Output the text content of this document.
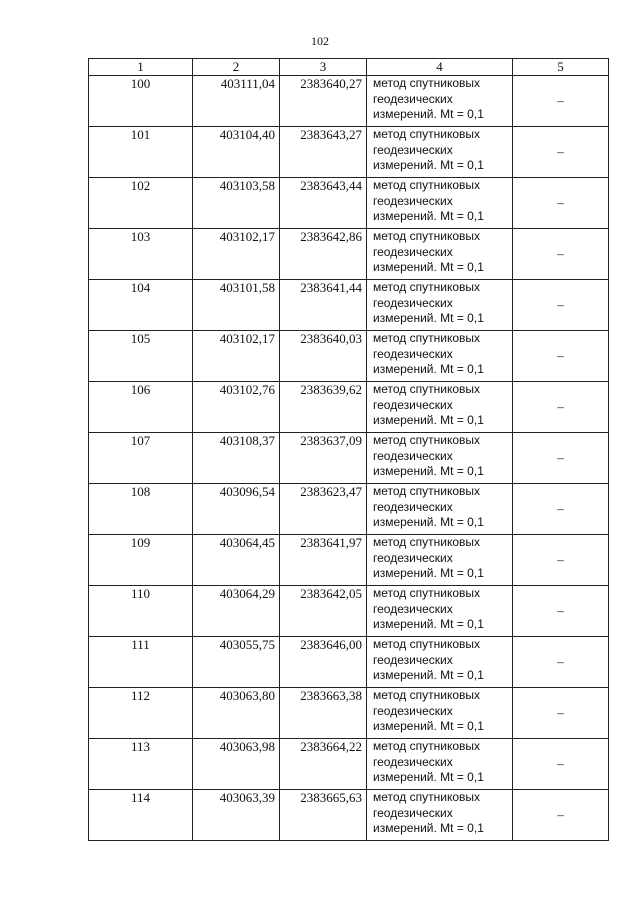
102
1	2	3	4	5
100	403111,04	2383640,27	метод спутниковых
геодезических
измерений. Mt = 0,1	–
101	403104,40	2383643,27	метод спутниковых
геодезических
измерений. Mt = 0,1	–
102	403103,58	2383643,44	метод спутниковых
геодезических
измерений. Mt = 0,1	–
103	403102,17	2383642,86	метод спутниковых
геодезических
измерений. Mt = 0,1	–
104	403101,58	2383641,44	метод спутниковых
геодезических
измерений. Mt = 0,1	–
105	403102,17	2383640,03	метод спутниковых
геодезических
измерений. Mt = 0,1	–
106	403102,76	2383639,62	метод спутниковых
геодезических
измерений. Mt = 0,1	–
107	403108,37	2383637,09	метод спутниковых
геодезических
измерений. Mt = 0,1	–
108	403096,54	2383623,47	метод спутниковых
геодезических
измерений. Mt = 0,1	–
109	403064,45	2383641,97	метод спутниковых
геодезических
измерений. Mt = 0,1	–
110	403064,29	2383642,05	метод спутниковых
геодезических
измерений. Mt = 0,1	–
111	403055,75	2383646,00	метод спутниковых
геодезических
измерений. Mt = 0,1	–
112	403063,80	2383663,38	метод спутниковых
геодезических
измерений. Mt = 0,1	–
113	403063,98	2383664,22	метод спутниковых
геодезических
измерений. Mt = 0,1	–
114	403063,39	2383665,63	метод спутниковых
геодезических
измерений. Mt = 0,1	–
